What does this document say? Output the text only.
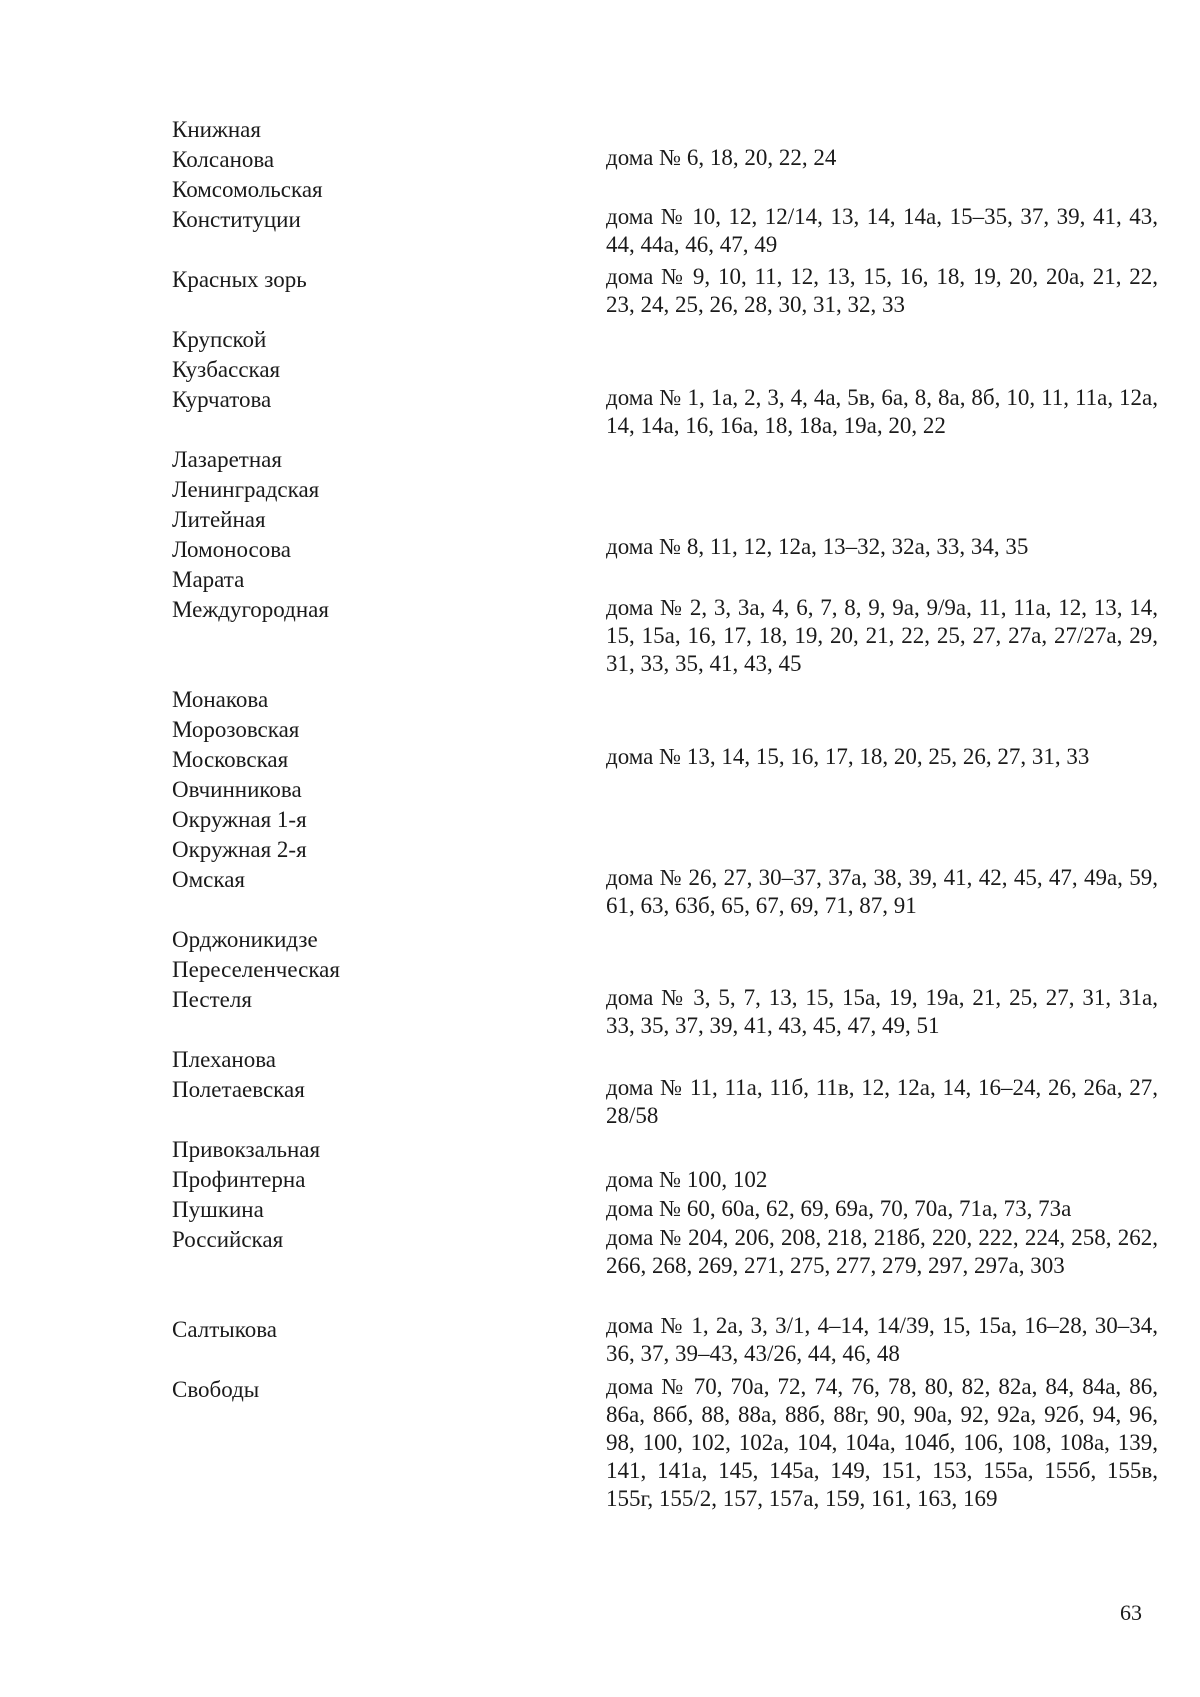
Книжная
Колсанова	дома № 6, 18, 20, 22, 24
Комсомольская
Конституции	дома № 10, 12, 12/14, 13, 14, 14а, 15–35, 37, 39, 41, 43, 44, 44а, 46, 47, 49
Красных зорь	дома № 9, 10, 11, 12, 13, 15, 16, 18, 19, 20, 20а, 21, 22, 23, 24, 25, 26, 28, 30, 31, 32, 33
Крупской
Кузбасская
Курчатова	дома № 1, 1а, 2, 3, 4, 4а, 5в, 6а, 8, 8а, 8б, 10, 11, 11а, 12а, 14, 14а, 16, 16а, 18, 18а, 19а, 20, 22
Лазаретная
Ленинградская
Литейная
Ломоносова	дома № 8, 11, 12, 12а, 13–32, 32а, 33, 34, 35
Марата
Междугородная	дома № 2, 3, 3а, 4, 6, 7, 8, 9, 9а, 9/9а, 11, 11а, 12, 13, 14, 15, 15а, 16, 17, 18, 19, 20, 21, 22, 25, 27, 27а, 27/27а, 29, 31, 33, 35, 41, 43, 45
Монакова
Морозовская
Московская	дома № 13, 14, 15, 16, 17, 18, 20, 25, 26, 27, 31, 33
Овчинникова
Окружная 1-я
Окружная 2-я
Омская	дома № 26, 27, 30–37, 37а, 38, 39, 41, 42, 45, 47, 49а, 59, 61, 63, 63б, 65, 67, 69, 71, 87, 91
Орджоникидзе
Переселенческая
Пестеля	дома № 3, 5, 7, 13, 15, 15а, 19, 19а, 21, 25, 27, 31, 31а, 33, 35, 37, 39, 41, 43, 45, 47, 49, 51
Плеханова
Полетаевская	дома № 11, 11а, 11б, 11в, 12, 12а, 14, 16–24, 26, 26а, 27, 28/58
Привокзальная
Профинтерна	дома № 100, 102
Пушкина	дома № 60, 60а, 62, 69, 69а, 70, 70а, 71а, 73, 73а
Российская	дома № 204, 206, 208, 218, 218б, 220, 222, 224, 258, 262, 266, 268, 269, 271, 275, 277, 279, 297, 297а, 303
Салтыкова	дома № 1, 2а, 3, 3/1, 4–14, 14/39, 15, 15а, 16–28, 30–34, 36, 37, 39–43, 43/26, 44, 46, 48
Свободы	дома № 70, 70а, 72, 74, 76, 78, 80, 82, 82а, 84, 84а, 86, 86а, 86б, 88, 88а, 88б, 88г, 90, 90а, 92, 92а, 92б, 94, 96, 98, 100, 102, 102а, 104, 104а, 104б, 106, 108, 108а, 139, 141, 141а, 145, 145а, 149, 151, 153, 155а, 155б, 155в, 155г, 155/2, 157, 157а, 159, 161, 163, 169
63
